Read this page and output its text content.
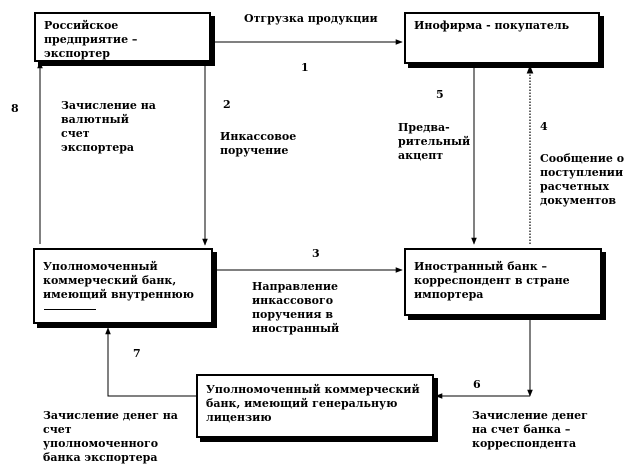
Российское предприятие – экспортер
Инофирма - покупатель
Уполномоченный коммерческий банк, имеющий внутреннюю
Иностранный банк – корреспондент в стране импортера
Уполномоченный коммерческий банк, имеющий генеральную лицензию
1
2
3
4
5
6
7
8
Отгрузка продукции
Инкассовое поручение
Зачисление на валютный счет экспортера
Направление инкассового поручения в иностранный
Сообщение о поступлении расчетных документов
Предва-рительный акцепт
Зачисление денег на счет банка – корреспондента
Зачисление денег на счет уполномоченного банка экспортера
